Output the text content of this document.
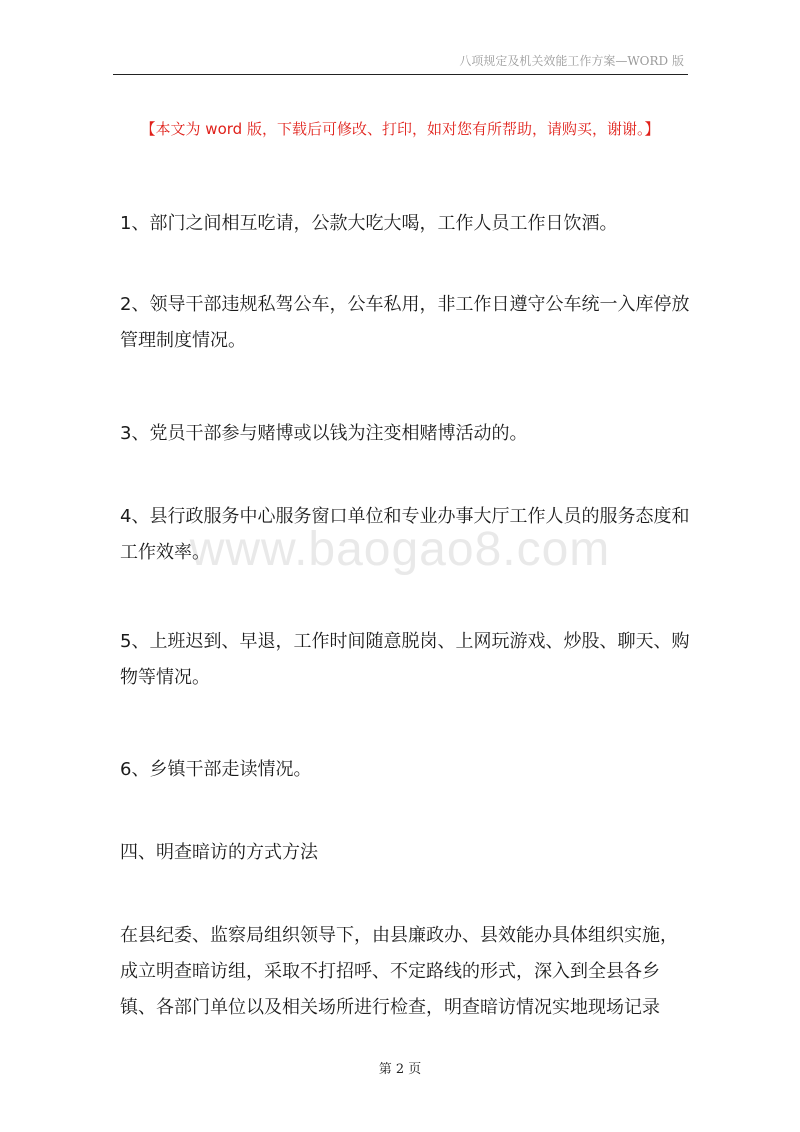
八项规定及机关效能工作方案—WORD 版
【本文为 word 版，下载后可修改、打印，如对您有所帮助，请购买，谢谢。】
www.baogao8.com
1、部门之间相互吃请，公款大吃大喝，工作人员工作日饮酒。
2、领导干部违规私驾公车，公车私用，非工作日遵守公车统一入库停放管理制度情况。
3、党员干部参与赌博或以钱为注变相赌博活动的。
4、县行政服务中心服务窗口单位和专业办事大厅工作人员的服务态度和工作效率。
5、上班迟到、早退，工作时间随意脱岗、上网玩游戏、炒股、聊天、购物等情况。
6、乡镇干部走读情况。
四、明查暗访的方式方法
在县纪委、监察局组织领导下，由县廉政办、县效能办具体组织实施，成立明查暗访组，采取不打招呼、不定路线的形式，深入到全县各乡镇、各部门单位以及相关场所进行检查，明查暗访情况实地现场记录
第 2 页
